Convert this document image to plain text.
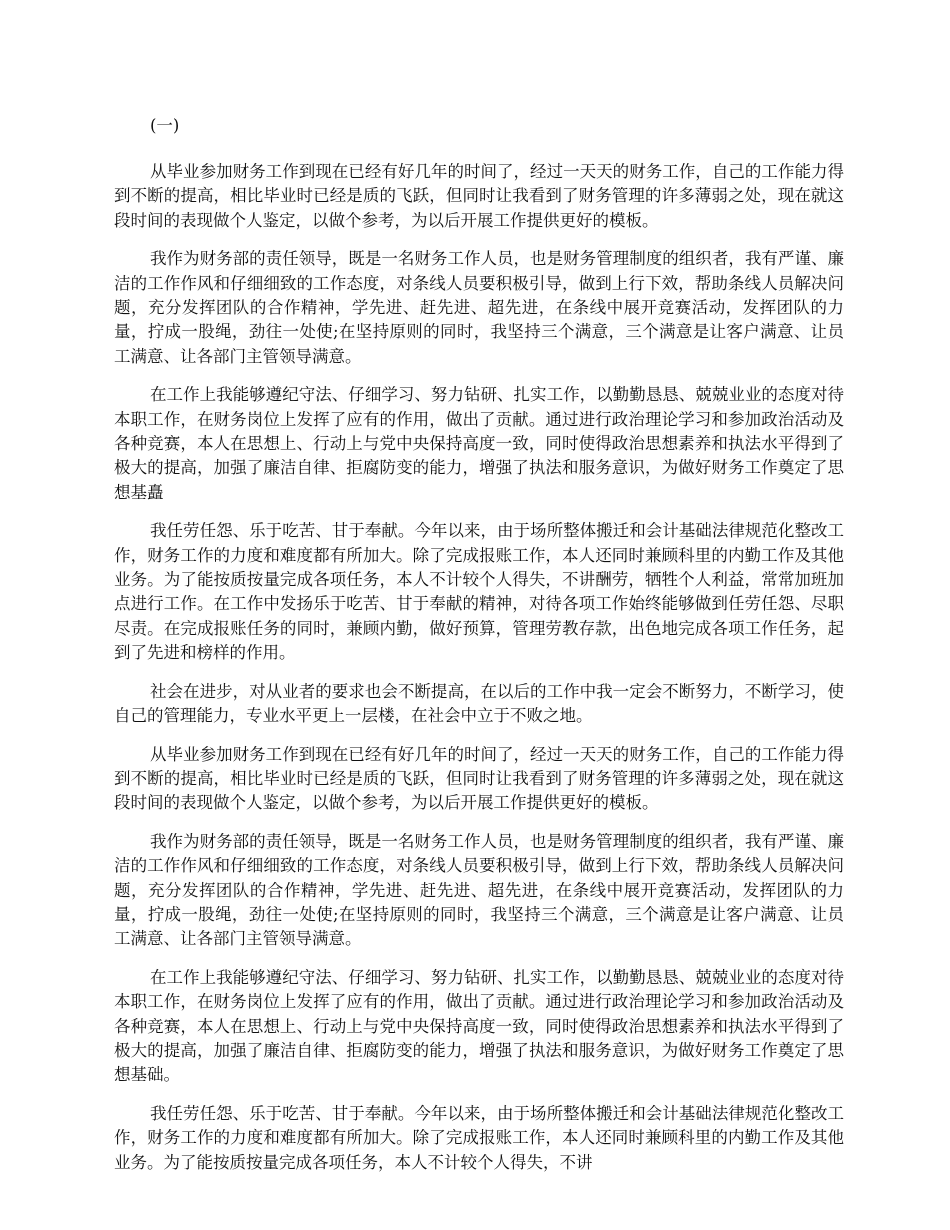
(一)

从毕业参加财务工作到现在已经有好几年的时间了，经过一天天的财务工作，自己的工作能力得到不断的提高，相比毕业时已经是质的飞跃，但同时让我看到了财务管理的许多薄弱之处，现在就这段时间的表现做个人鉴定，以做个参考，为以后开展工作提供更好的模板。

我作为财务部的责任领导，既是一名财务工作人员，也是财务管理制度的组织者，我有严谨、廉洁的工作作风和仔细细致的工作态度，对条线人员要积极引导，做到上行下效，帮助条线人员解决问题，充分发挥团队的合作精神，学先进、赶先进、超先进，在条线中展开竞赛活动，发挥团队的力量，拧成一股绳，劲往一处使;在坚持原则的同时，我坚持三个满意，三个满意是让客户满意、让员工满意、让各部门主管领导满意。

在工作上我能够遵纪守法、仔细学习、努力钻研、扎实工作，以勤勤恳恳、兢兢业业的态度对待本职工作，在财务岗位上发挥了应有的作用，做出了贡献。通过进行政治理论学习和参加政治活动及各种竞赛，本人在思想上、行动上与党中央保持高度一致，同时使得政治思想素养和执法水平得到了极大的提高，加强了廉洁自律、拒腐防变的能力，增强了执法和服务意识，为做好财务工作奠定了思想基矗

我任劳任怨、乐于吃苦、甘于奉献。今年以来，由于场所整体搬迁和会计基础法律规范化整改工作，财务工作的力度和难度都有所加大。除了完成报账工作，本人还同时兼顾科里的内勤工作及其他业务。为了能按质按量完成各项任务，本人不计较个人得失，不讲酬劳，牺牲个人利益，常常加班加点进行工作。在工作中发扬乐于吃苦、甘于奉献的精神，对待各项工作始终能够做到任劳任怨、尽职尽责。在完成报账任务的同时，兼顾内勤，做好预算，管理劳教存款，出色地完成各项工作任务，起到了先进和榜样的作用。

社会在进步，对从业者的要求也会不断提高，在以后的工作中我一定会不断努力，不断学习，使自己的管理能力，专业水平更上一层楼，在社会中立于不败之地。

从毕业参加财务工作到现在已经有好几年的时间了，经过一天天的财务工作，自己的工作能力得到不断的提高，相比毕业时已经是质的飞跃，但同时让我看到了财务管理的许多薄弱之处，现在就这段时间的表现做个人鉴定，以做个参考，为以后开展工作提供更好的模板。

我作为财务部的责任领导，既是一名财务工作人员，也是财务管理制度的组织者，我有严谨、廉洁的工作作风和仔细细致的工作态度，对条线人员要积极引导，做到上行下效，帮助条线人员解决问题，充分发挥团队的合作精神，学先进、赶先进、超先进，在条线中展开竞赛活动，发挥团队的力量，拧成一股绳，劲往一处使;在坚持原则的同时，我坚持三个满意，三个满意是让客户满意、让员工满意、让各部门主管领导满意。

在工作上我能够遵纪守法、仔细学习、努力钻研、扎实工作，以勤勤恳恳、兢兢业业的态度对待本职工作，在财务岗位上发挥了应有的作用，做出了贡献。通过进行政治理论学习和参加政治活动及各种竞赛，本人在思想上、行动上与党中央保持高度一致，同时使得政治思想素养和执法水平得到了极大的提高，加强了廉洁自律、拒腐防变的能力，增强了执法和服务意识，为做好财务工作奠定了思想基础。

我任劳任怨、乐于吃苦、甘于奉献。今年以来，由于场所整体搬迁和会计基础法律规范化整改工作，财务工作的力度和难度都有所加大。除了完成报账工作，本人还同时兼顾科里的内勤工作及其他业务。为了能按质按量完成各项任务，本人不计较个人得失，不讲
